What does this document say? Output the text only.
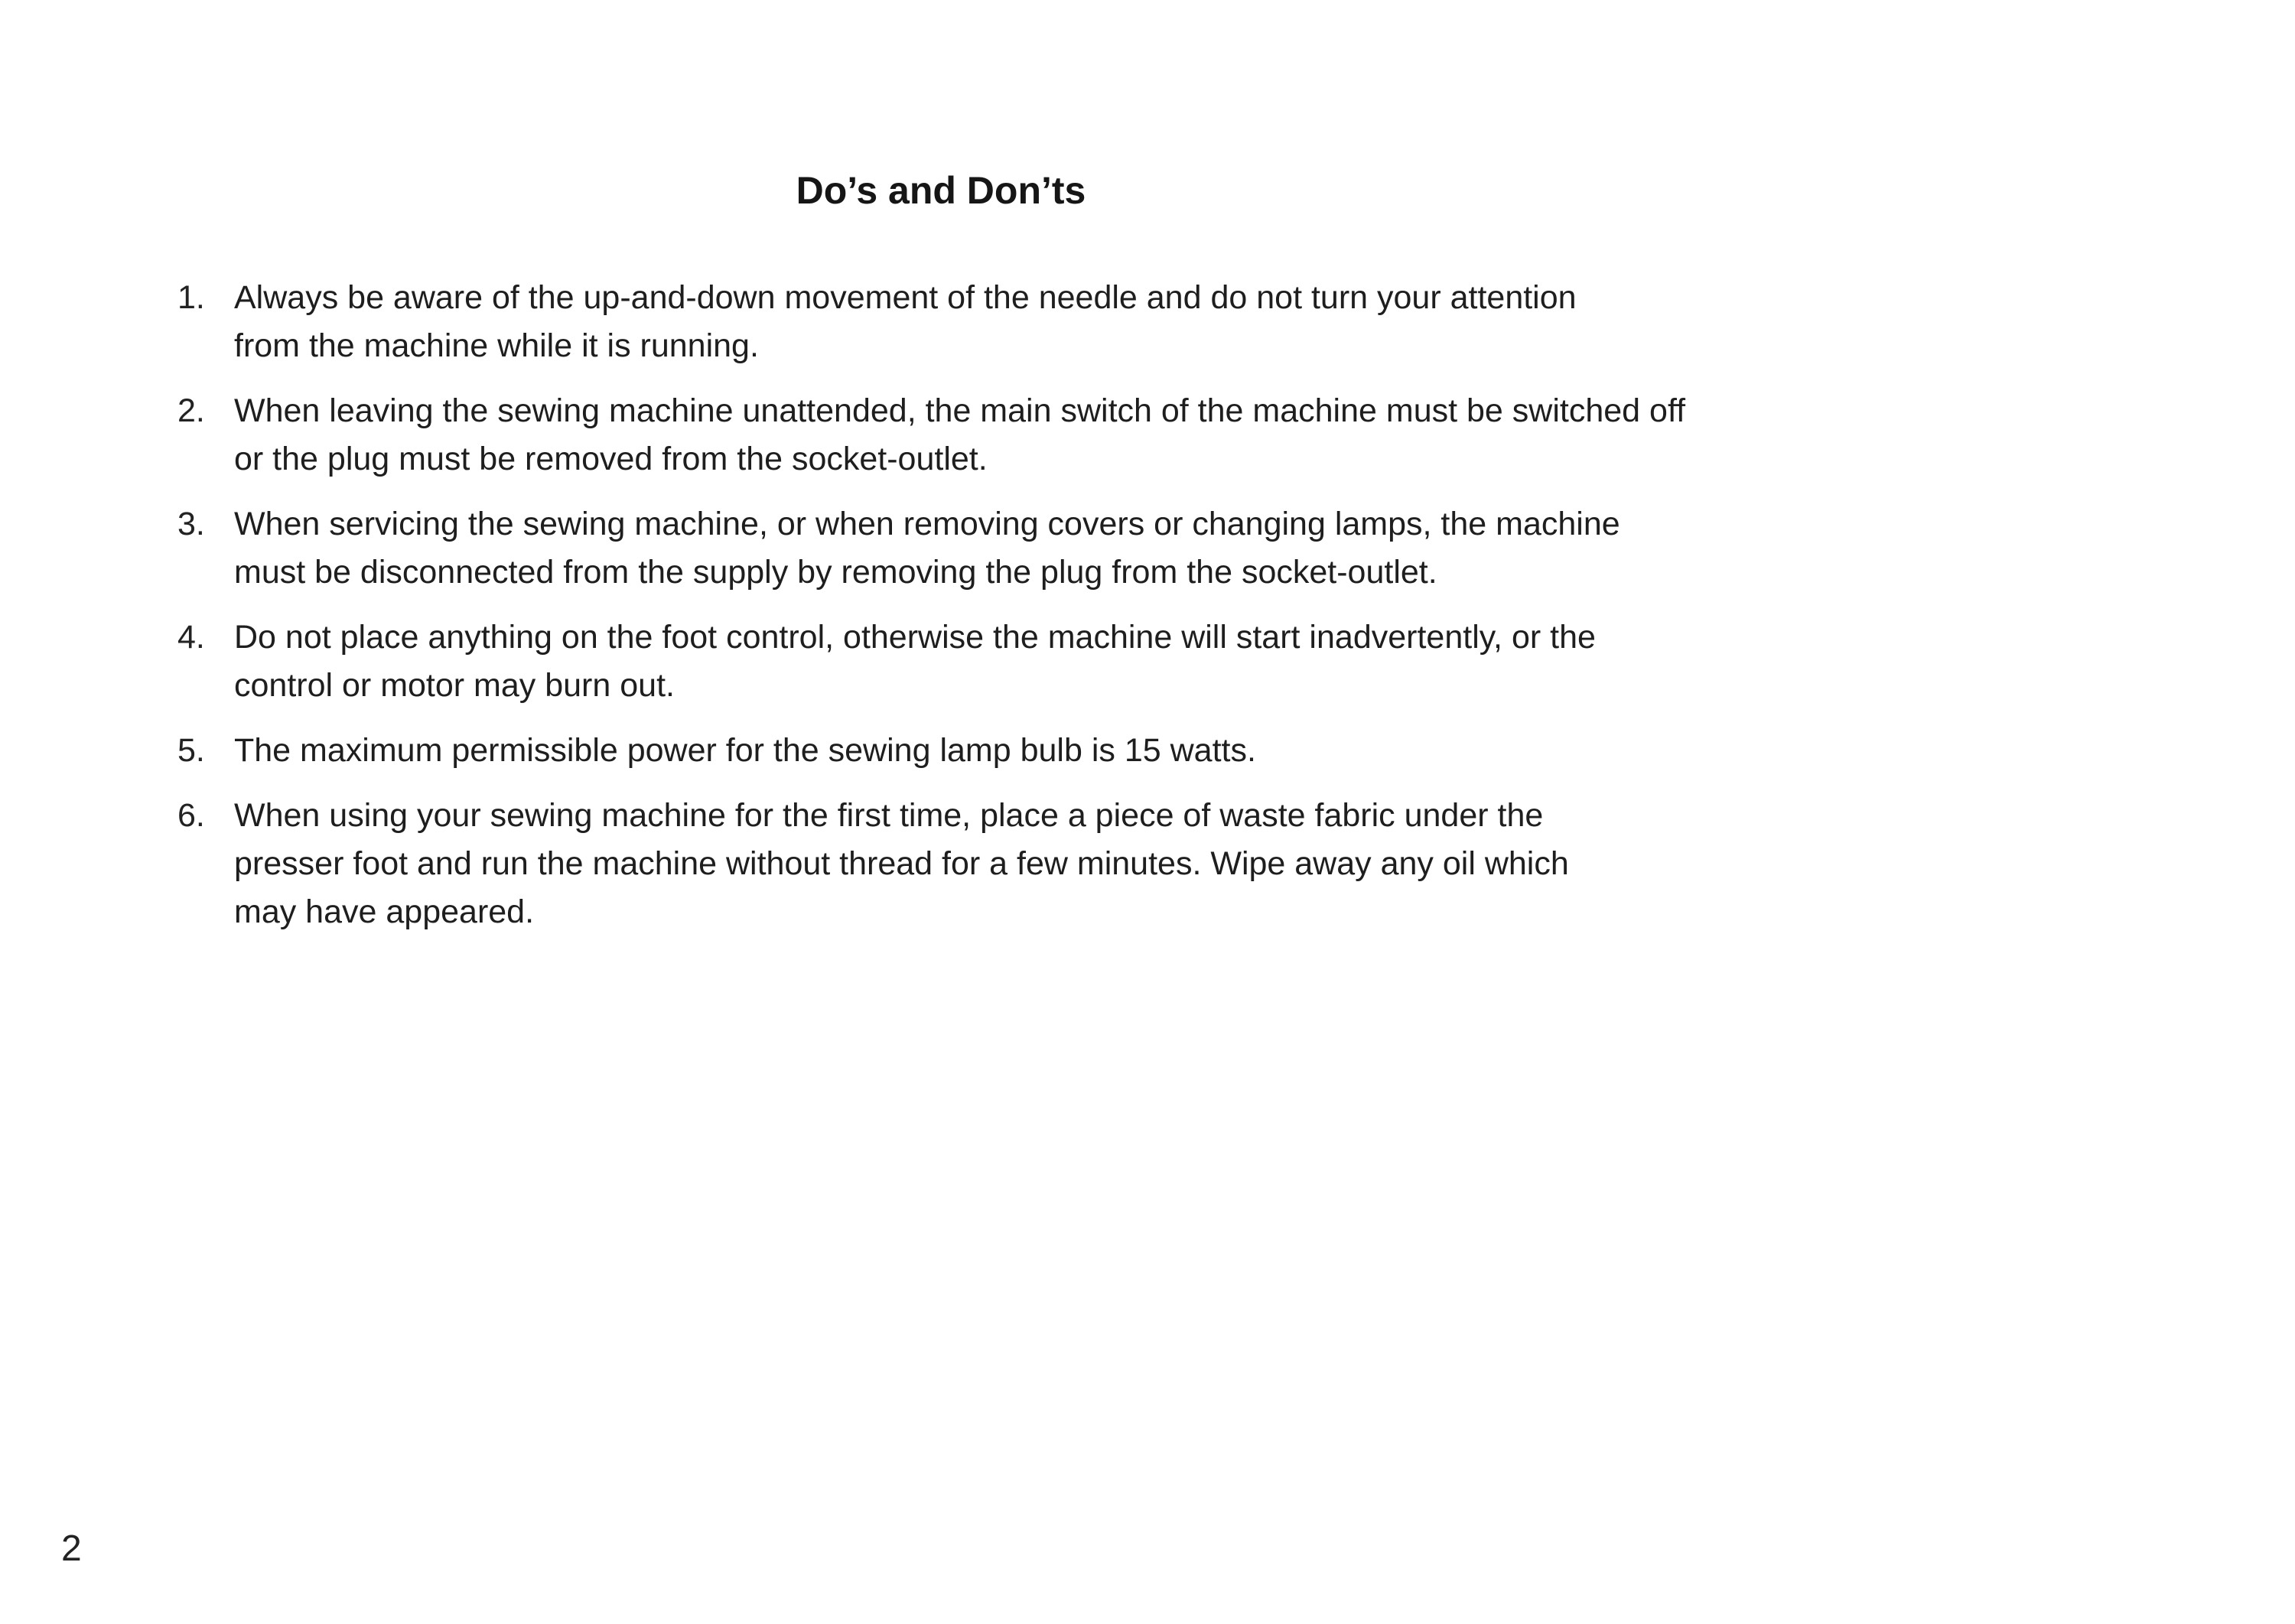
Do’s and Don’ts
1. Always be aware of the up-and-down movement of the needle and do not turn your attention
from the machine while it is running.
2. When leaving the sewing machine unattended, the main switch of the machine must be switched off
or the plug must be removed from the socket-outlet.
3. When servicing the sewing machine, or when removing covers or changing lamps, the machine
must be disconnected from the supply by removing the plug from the socket-outlet.
4. Do not place anything on the foot control, otherwise the machine will start inadvertently, or the
control or motor may burn out.
5. The maximum permissible power for the sewing lamp bulb is 15 watts.
6. When using your sewing machine for the first time, place a piece of waste fabric under the
presser foot and run the machine without thread for a few minutes. Wipe away any oil which
may have appeared.
2
